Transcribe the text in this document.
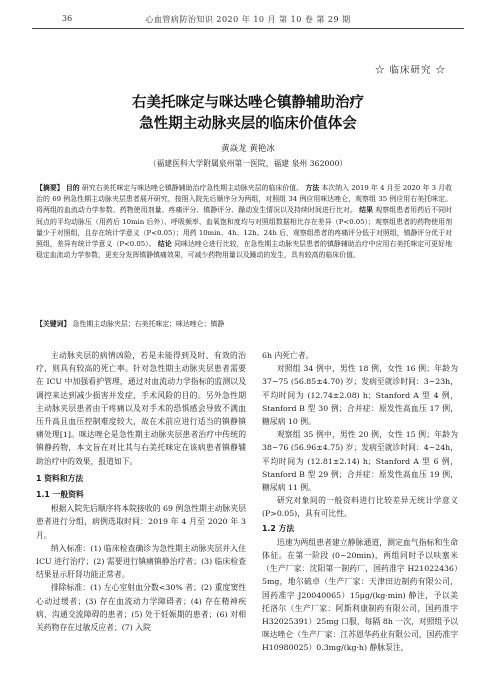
36	心血管病防治知识 2020 年 10 月 第 10 卷 第 29 期
☆ 临床研究 ☆
右美托咪定与咪达唑仑镇静辅助治疗
急性期主动脉夹层的临床价值体会
黄焱龙 黄艳冰
（福建医科大学附属泉州第一医院，福建 泉州 362000）
【摘要】 目的 研究右美托咪定与咪达唑仑镇静辅助治疗急性期主动脉夹层的临床价值。 方法 本次纳入 2019 年 4 月至 2020 年 3 月收治的 69 例急性期主动脉夹层患者展开研究，按照入院先后顺序分为两组，对照组 34 例应用咪达唑仑，观察组 35 例应用右美托咪定。将两组的血流动力学参数、药物使用剂量、疼痛评分、镇静评分、躁动发生情况以及持续时间进行比对。 结果 观察组患者用药后不同时间点的平均动脉压（用药后 10min 后外）、呼吸频率、血氧饱和度均与对照组数据相比存在差异（P<0.05）；观察组患者的药物使用剂量少于对照组，且存在统计学意义（P<0.05）；用药 10min、4h、12h、24h 后，观察组患者的疼痛评分低于对照组，镇静评分优于对照组，差异有统计学意义（P<0.05）。 结论 同咪达唑仑进行比较，在急性期主动脉夹层患者的镇静辅助治疗中应用右美托咪定可更好地稳定血流动力学参数，更充分发挥镇静镇痛效果，可减少药物用量以及躁动的发生，具有较高的临床价值。
【关键词】 急性期主动脉夹层；右美托咪定；咪达唑仑；镇静

主动脉夹层的病情凶险，若是未能得到及时、有效的治疗，则具有较高的死亡率。针对急性期主动脉夹层患者需要在 ICU 中加强看护管理，通过对血流动力学指标的监测以及调控来达到减少损害并发症、手术风险的目的。另外急性期主动脉夹层患者由于疼痛以及对手术的恐惧感会导致不满血压升高且血压控制难度较大，故在术前应进行适当的镇静镇痛处理[1]。咪达唑仑是急性期主动脉夹层患者治疗中传统的镇静药物，本文旨在对比其与右美托咪定在该病患者镇静辅助治疗中的效果，报道如下。

1 资料和方法

1.1 一般资料

根据入院先后顺序将本院接收的 69 例急性期主动脉夹层患者进行分组，病例选取时间：2019 年 4 月至 2020 年 3 月。

纳入标准：(1) 临床检查确诊为急性期主动脉夹层并入住 ICU 进行治疗；(2) 需要进行镇痛镇静治疗者；(3) 临床检查结果显示肝肾功能正常者。

排除标准：(1) 左心室射血分数<30% 者；(2) 重度窦性心动过缓者；(3) 存在血流动力学障碍者；(4) 存在精神疾病、沟通交流障碍的患者；(5) 处于妊娠期的患者；(6) 对相关药物存在过敏反应者；(7) 入院

6h 内死亡者。

对照组 34 例中，男性 18 例，女性 16 例；年龄为 37~75 (56.85±4.70) 岁；发病至就诊时间：3~23h，平均时间为 (12.74±2.08) h；Stanford A 型 4 例，Stanford B 型 30 例；合并症：原发性高血压 17 例，糖尿病 10 例。

观察组 35 例中，男性 20 例，女性 15 例；年龄为 38~76 (56.96±4.75) 岁；发病至就诊时间：4~24h，平均时间为 (12.81±2.14) h；Stanford A 型 6 例，Stanford B 型 29 例；合并症：原发性高血压 19 例，糖尿病 11 例。

研究对象间的一般资料进行比较差异无统计学意义 (P>0.05)，具有可比性。

1.2 方法

迅速为两组患者建立静脉通道，测定血气指标和生命体征。在第一阶段 (0~20min)，两组同时予以呋塞米（生产厂家：沈阳第一制药厂，国药准字 H21022436）5mg，地尔硫卓（生产厂家：天津田边制药有限公司，国药准字 J20040065）15μg/(kg·min) 静注，予以美托洛尔（生产厂家：阿斯利康制药有限公司，国药准字 H32025391）25mg 口服，每隔 8h 一次，对照组予以咪达唑仑（生产厂家：江苏恩华药业有限公司，国药准字 H10980025）0.3mg/(kg·h) 静脉泵注，
